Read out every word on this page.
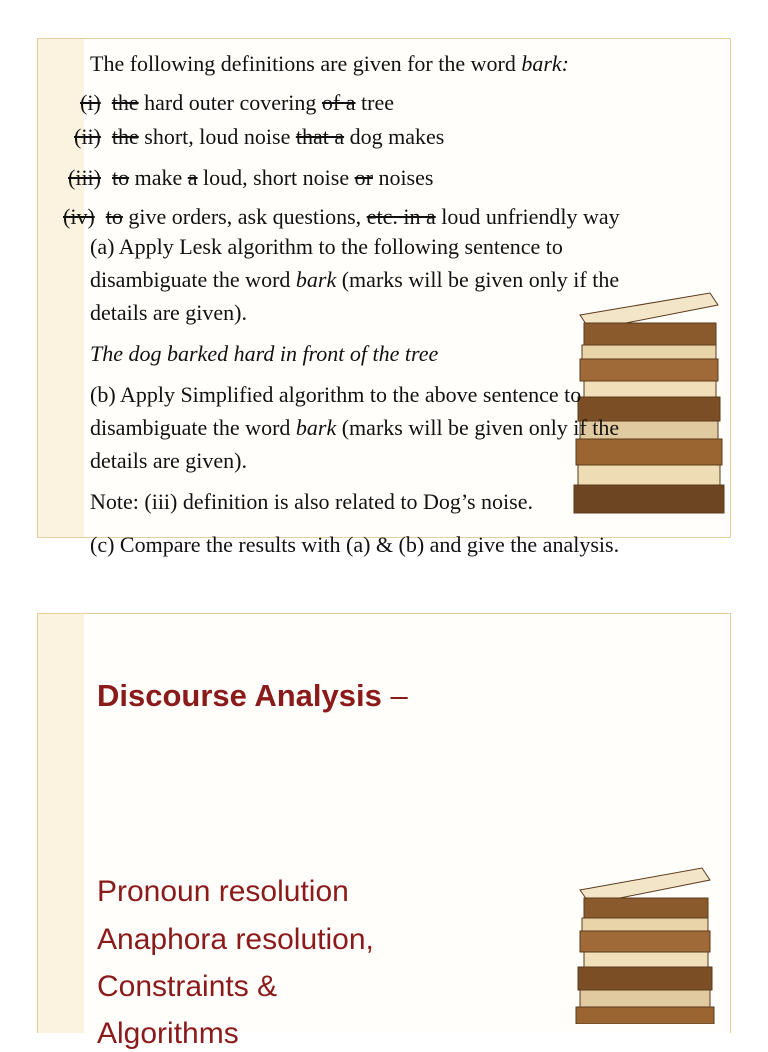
The following definitions are given for the word bark:
(i) the hard outer covering of a tree
(ii) the short, loud noise that a dog makes
(iii) to make a loud, short noise or noises
(iv) to give orders, ask questions, etc. in a loud unfriendly way
(a) Apply Lesk algorithm to the following sentence to
disambiguate the word bark (marks will be given only if the
details are given).
The dog barked hard in front of the tree
(b) Apply Simplified algorithm to the above sentence to
disambiguate the word bark (marks will be given only if the
details are given).
Note: (iii) definition is also related to Dog’s noise.
(c) Compare the results with (a) & (b) and give the analysis.
Discourse Analysis –
Pronoun resolution
Anaphora resolution,
Constraints &
Algorithms
